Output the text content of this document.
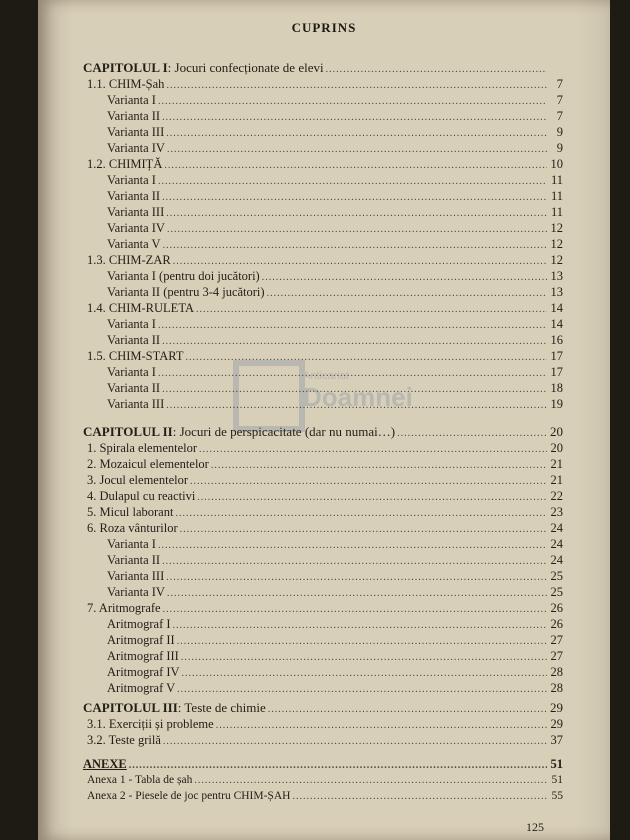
CUPRINS
Anticariat
Doamnei
CAPITOLUL I: Jocuri confecționate de elevi
.....
1.1. CHIM-Șah .....	7
Varianta I .....	7
Varianta II .....	7
Varianta III .....	9
Varianta IV .....	9
1.2. CHIMIȚĂ .....	10
Varianta I .....	11
Varianta II .....	11
Varianta III .....	11
Varianta IV .....	12
Varianta V .....	12
1.3. CHIM-ZAR .....	12
Varianta I (pentru doi jucători) .....	13
Varianta II (pentru 3-4 jucători) .....	13
1.4. CHIM-RULETA .....	14
Varianta I .....	14
Varianta II .....	16
1.5. CHIM-START .....	17
Varianta I .....	17
Varianta II .....	18
Varianta III .....	19
CAPITOLUL II: Jocuri de perspicacitate (dar nu numai…) .....	20
1. Spirala elementelor .....	20
2. Mozaicul elementelor .....	21
3. Jocul elementelor .....	21
4. Dulapul cu reactivi .....	22
5. Micul laborant .....	23
6. Roza vânturilor .....	24
Varianta I .....	24
Varianta II .....	24
Varianta III .....	25
Varianta IV .....	25
7. Aritmografe .....	26
Aritmograf I .....	26
Aritmograf II .....	27
Aritmograf III .....	27
Aritmograf IV .....	28
Aritmograf V .....	28
CAPITOLUL III: Teste de chimie .....	29
3.1. Exerciții și probleme .....	29
3.2. Teste grilă .....	37
ANEXE .....	51
Anexa 1 - Tabla de șah .....	51
Anexa 2 - Piesele de joc pentru CHIM-ȘAH .....	55
125
